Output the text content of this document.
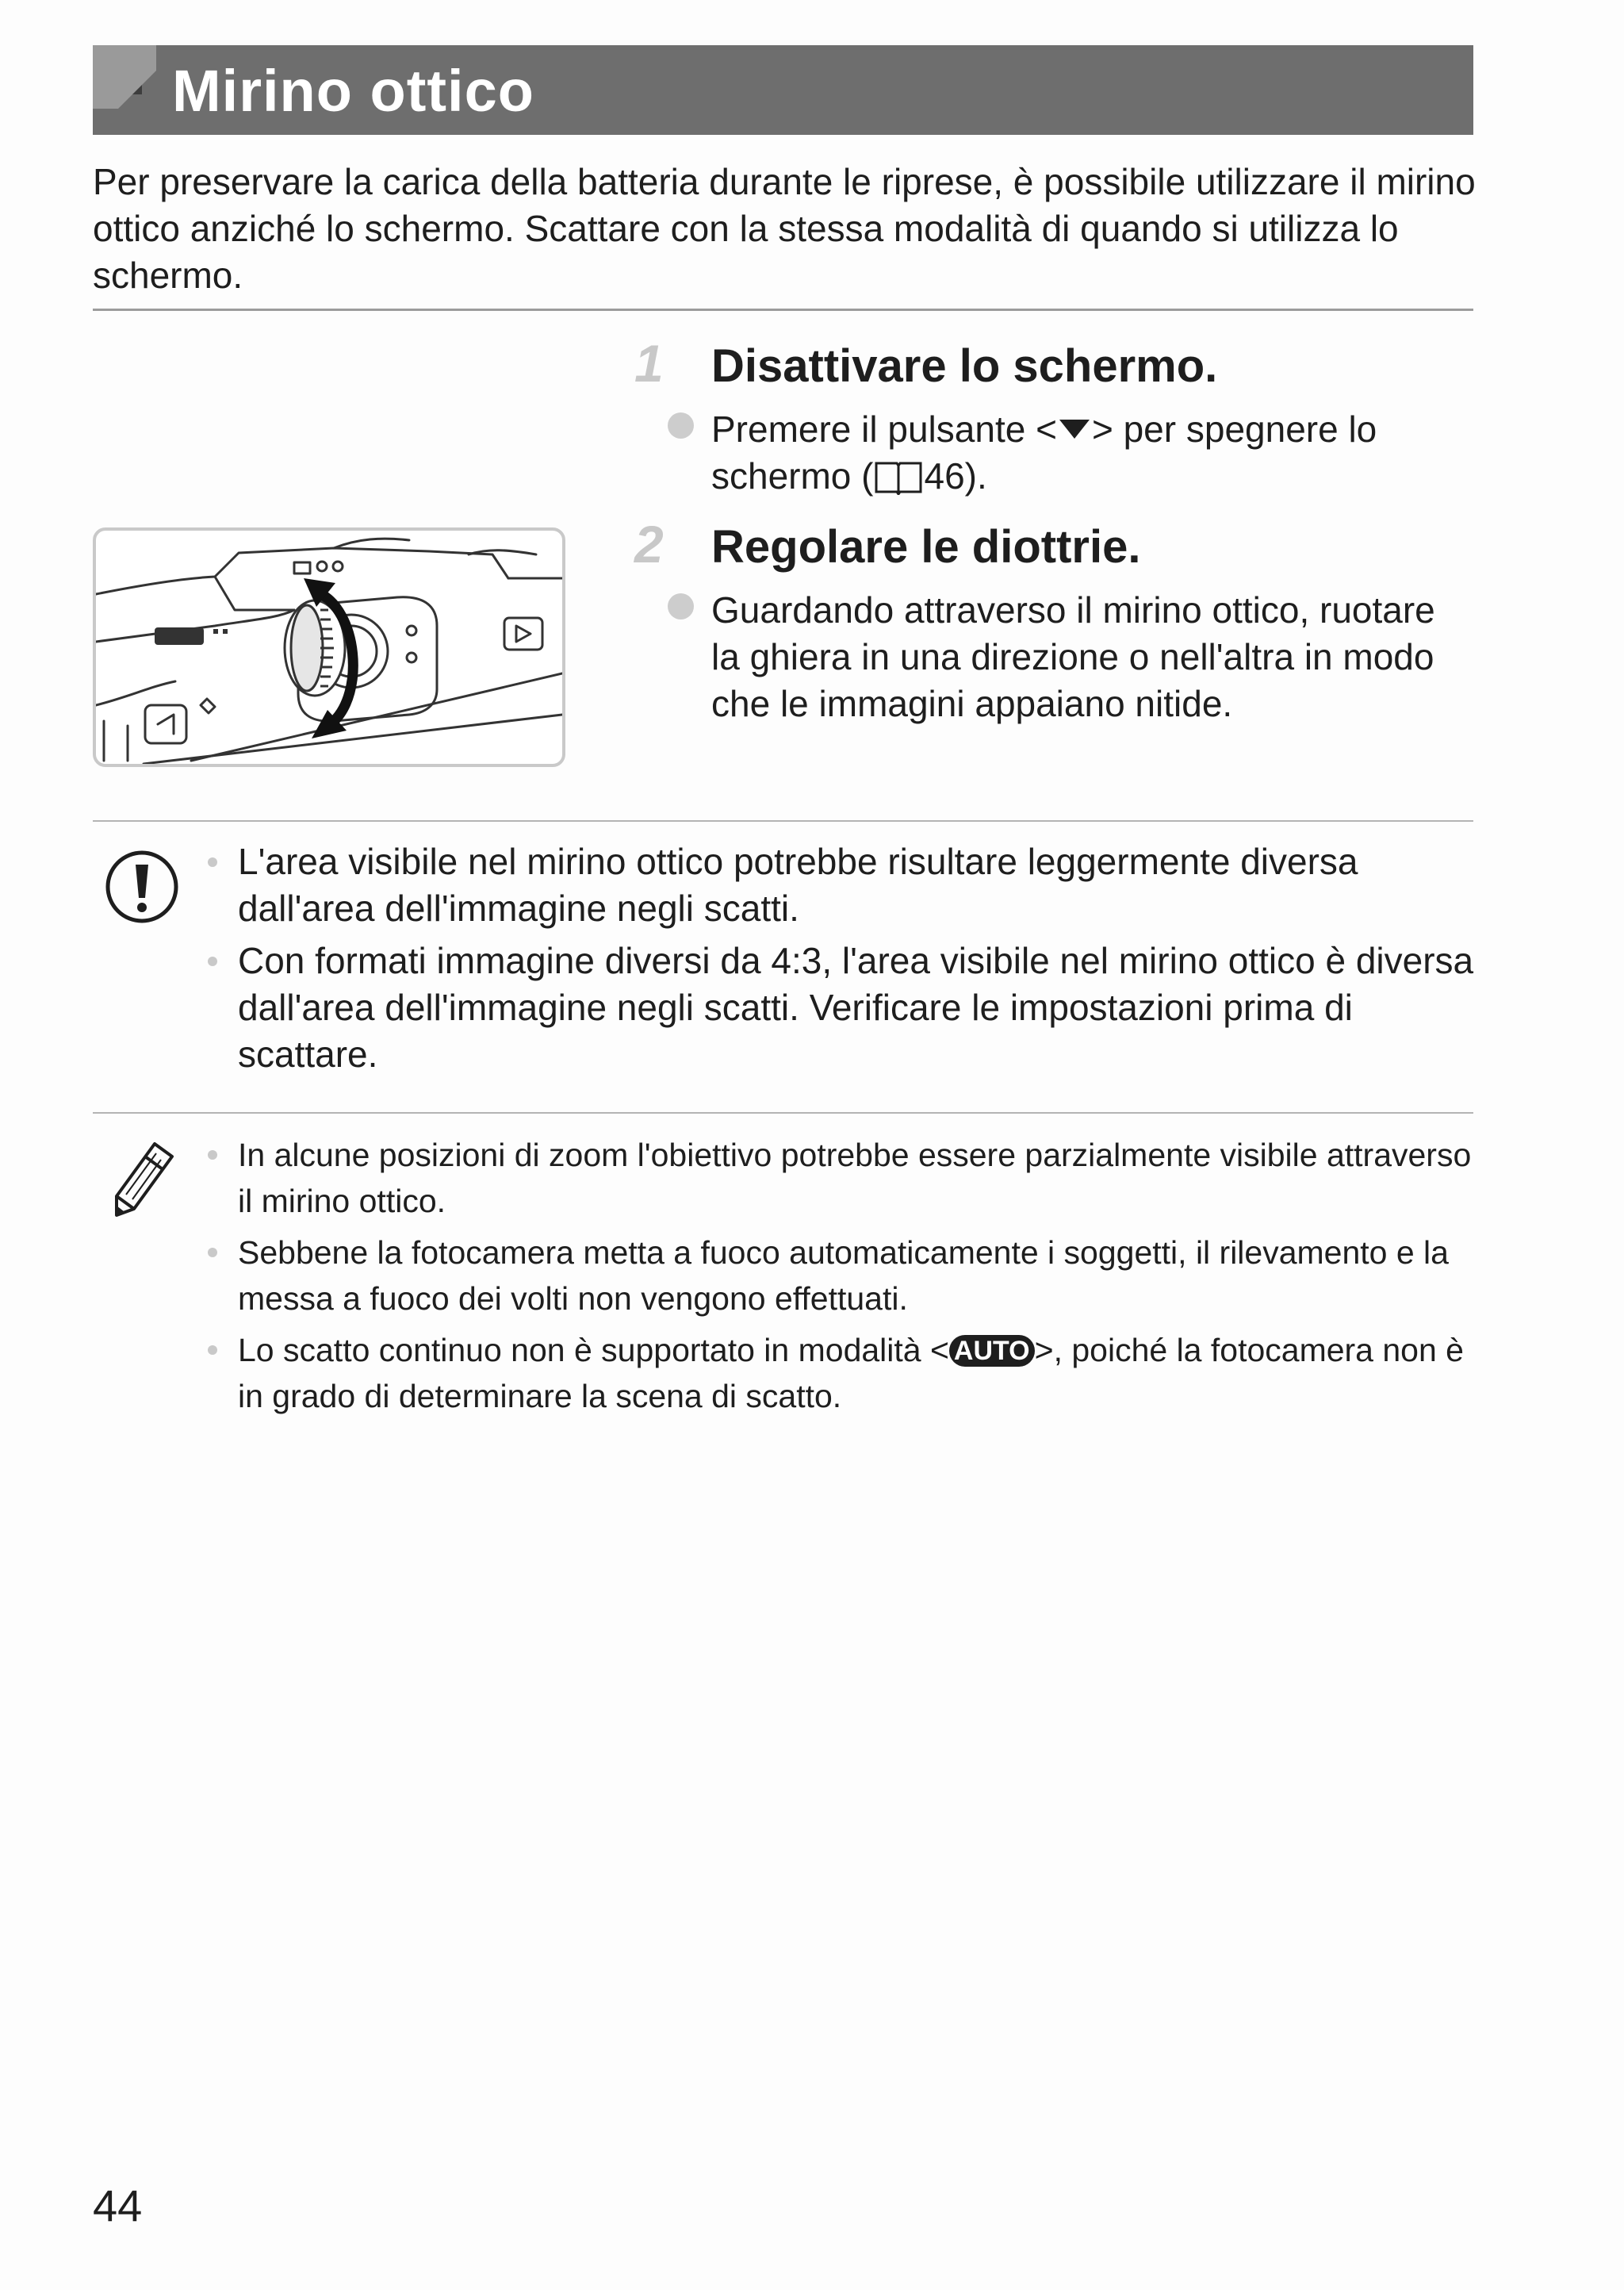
Mirino ottico

Per preservare la carica della batteria durante le riprese, è possibile utilizzare il mirino ottico anziché lo schermo. Scattare con la stessa modalità di quando si utilizza lo schermo.

1 Disattivare lo schermo.

Premere il pulsante < > per spegnere lo schermo ( 46).

2 Regolare le diottrie.

Guardando attraverso il mirino ottico, ruotare la ghiera in una direzione o nell'altra in modo che le immagini appaiano nitide.

L'area visibile nel mirino ottico potrebbe risultare leggermente diversa dall'area dell'immagine negli scatti.
Con formati immagine diversi da 4:3, l'area visibile nel mirino ottico è diversa dall'area dell'immagine negli scatti. Verificare le impostazioni prima di scattare.
In alcune posizioni di zoom l'obiettivo potrebbe essere parzialmente visibile attraverso il mirino ottico.
Sebbene la fotocamera metta a fuoco automaticamente i soggetti, il rilevamento e la messa a fuoco dei volti non vengono effettuati.
Lo scatto continuo non è supportato in modalità < AUTO >, poiché la fotocamera non è in grado di determinare la scena di scatto.
44
